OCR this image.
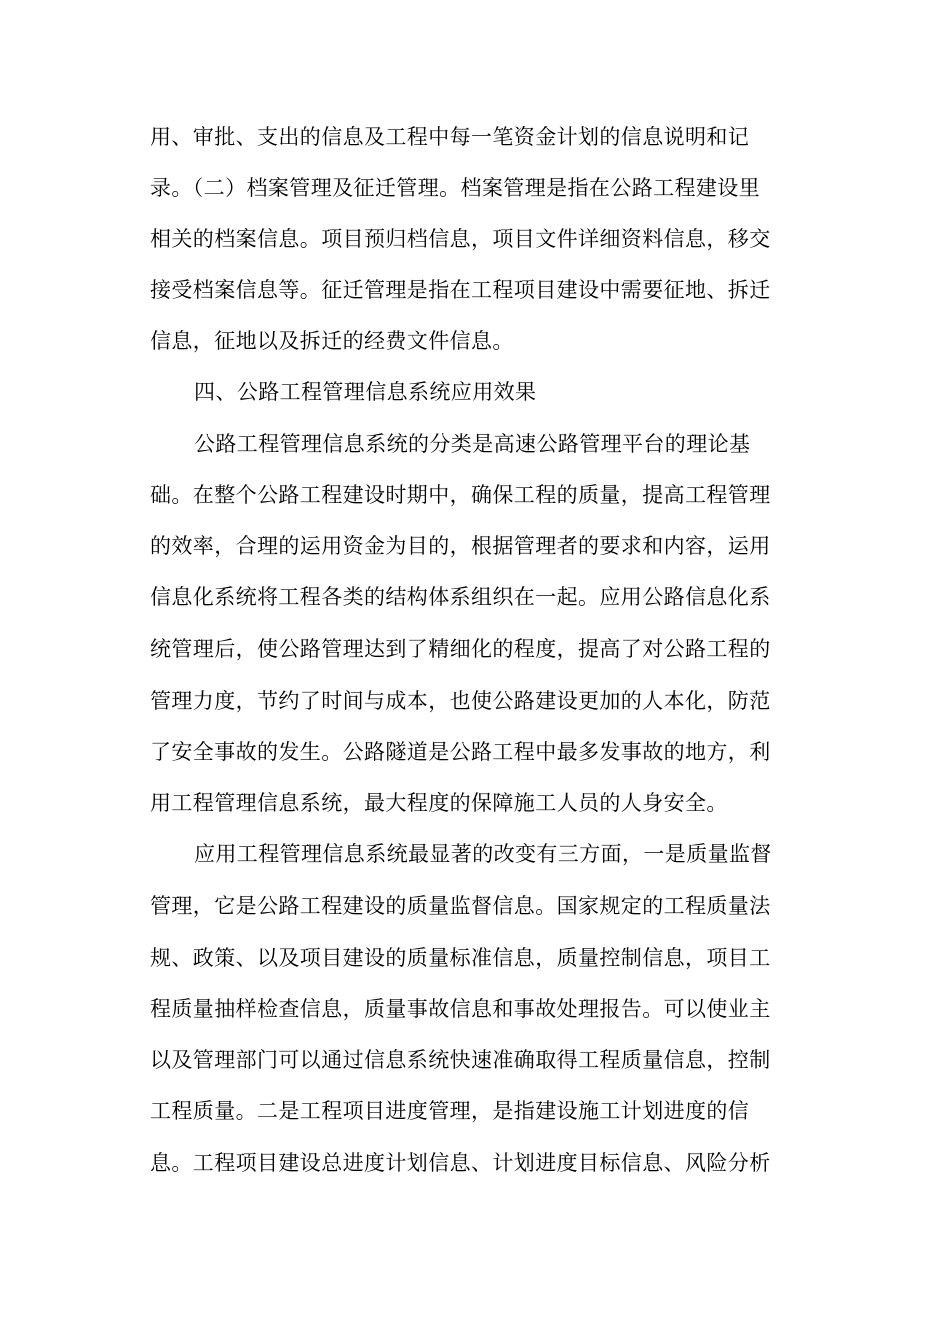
用、审批、支出的信息及工程中每一笔资金计划的信息说明和记
录。（二）档案管理及征迁管理。档案管理是指在公路工程建设里
相关的档案信息。项目预归档信息，项目文件详细资料信息，移交
接受档案信息等。征迁管理是指在工程项目建设中需要征地、拆迁
信息，征地以及拆迁的经费文件信息。
四、公路工程管理信息系统应用效果
公路工程管理信息系统的分类是高速公路管理平台的理论基
础。在整个公路工程建设时期中，确保工程的质量，提高工程管理
的效率，合理的运用资金为目的，根据管理者的要求和内容，运用
信息化系统将工程各类的结构体系组织在一起。应用公路信息化系
统管理后，使公路管理达到了精细化的程度，提高了对公路工程的
管理力度，节约了时间与成本，也使公路建设更加的人本化，防范
了安全事故的发生。公路隧道是公路工程中最多发事故的地方，利
用工程管理信息系统，最大程度的保障施工人员的人身安全。
应用工程管理信息系统最显著的改变有三方面，一是质量监督
管理，它是公路工程建设的质量监督信息。国家规定的工程质量法
规、政策、以及项目建设的质量标准信息，质量控制信息，项目工
程质量抽样检查信息，质量事故信息和事故处理报告。可以使业主
以及管理部门可以通过信息系统快速准确取得工程质量信息，控制
工程质量。二是工程项目进度管理，是指建设施工计划进度的信
息。工程项目建设总进度计划信息、计划进度目标信息、风险分析
